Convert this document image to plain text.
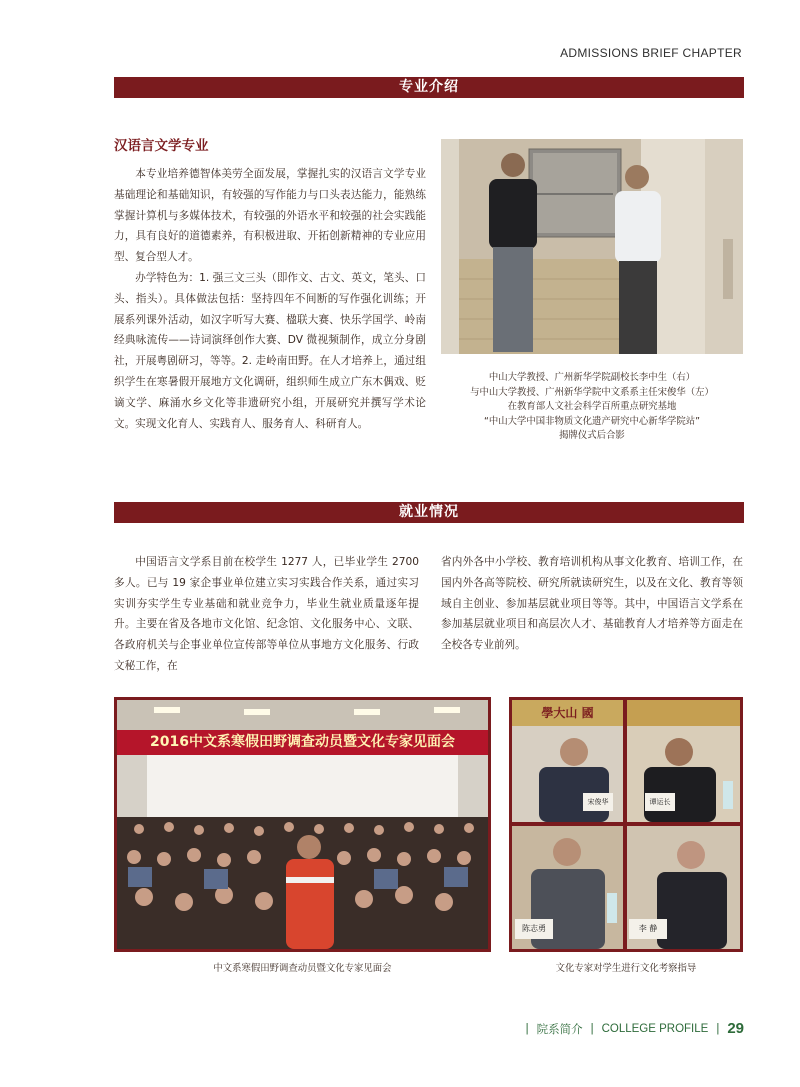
ADMISSIONS BRIEF CHAPTER
专业介绍
汉语言文学专业
本专业培养德智体美劳全面发展，掌握扎实的汉语言文学专业基础理论和基础知识，有较强的写作能力与口头表达能力，能熟练掌握计算机与多媒体技术，有较强的外语水平和较强的社会实践能力，具有良好的道德素养，有积极进取、开拓创新精神的专业应用型、复合型人才。
办学特色为：1. 强三文三头（即作文、古文、英文，笔头、口头、指头）。具体做法包括：坚持四年不间断的写作强化训练；开展系列课外活动，如汉字听写大赛、楹联大赛、快乐学国学、岭南经典咏流传——诗词演绎创作大赛、DV 微视频制作，成立分身剧社，开展粤剧研习，等等。2. 走岭南田野。在人才培养上，通过组织学生在寒暑假开展地方文化调研，组织师生成立广东木偶戏、贬谪文学、麻涌水乡文化等非遗研究小组，开展研究并撰写学术论文。实现文化育人、实践育人、服务育人、科研育人。
中山大学教授、广州新华学院副校长李中生（右）
与中山大学教授、广州新华学院中文系系主任宋俊华（左）
在教育部人文社会科学百所重点研究基地
“中山大学中国非物质文化遗产研究中心新华学院站”
揭牌仪式后合影
就业情况
中国语言文学系目前在校学生 1277 人，已毕业学生 2700 多人。已与 19 家企事业单位建立实习实践合作关系，通过实习实训夯实学生专业基础和就业竞争力，毕业生就业质量逐年提升。主要在省及各地市文化馆、纪念馆、文化服务中心、文联、各政府机关与企事业单位宣传部等单位从事地方文化服务、行政文秘工作，在
省内外各中小学校、教育培训机构从事文化教育、培训工作，在国内外各高等院校、研究所就读研究生，以及在文化、教育等领域自主创业、参加基层就业项目等等。其中，中国语言文学系在参加基层就业项目和高层次人才、基础教育人才培养等方面走在全校各专业前列。
2016中文系寒假田野调查动员暨文化专家见面会
中文系寒假田野调查动员暨文化专家见面会
學大山 國
宋俊华	谭运长
陈志勇	李 静
文化专家对学生进行文化考察指导
| 院系简介 | COLLEGE PROFILE | 29
